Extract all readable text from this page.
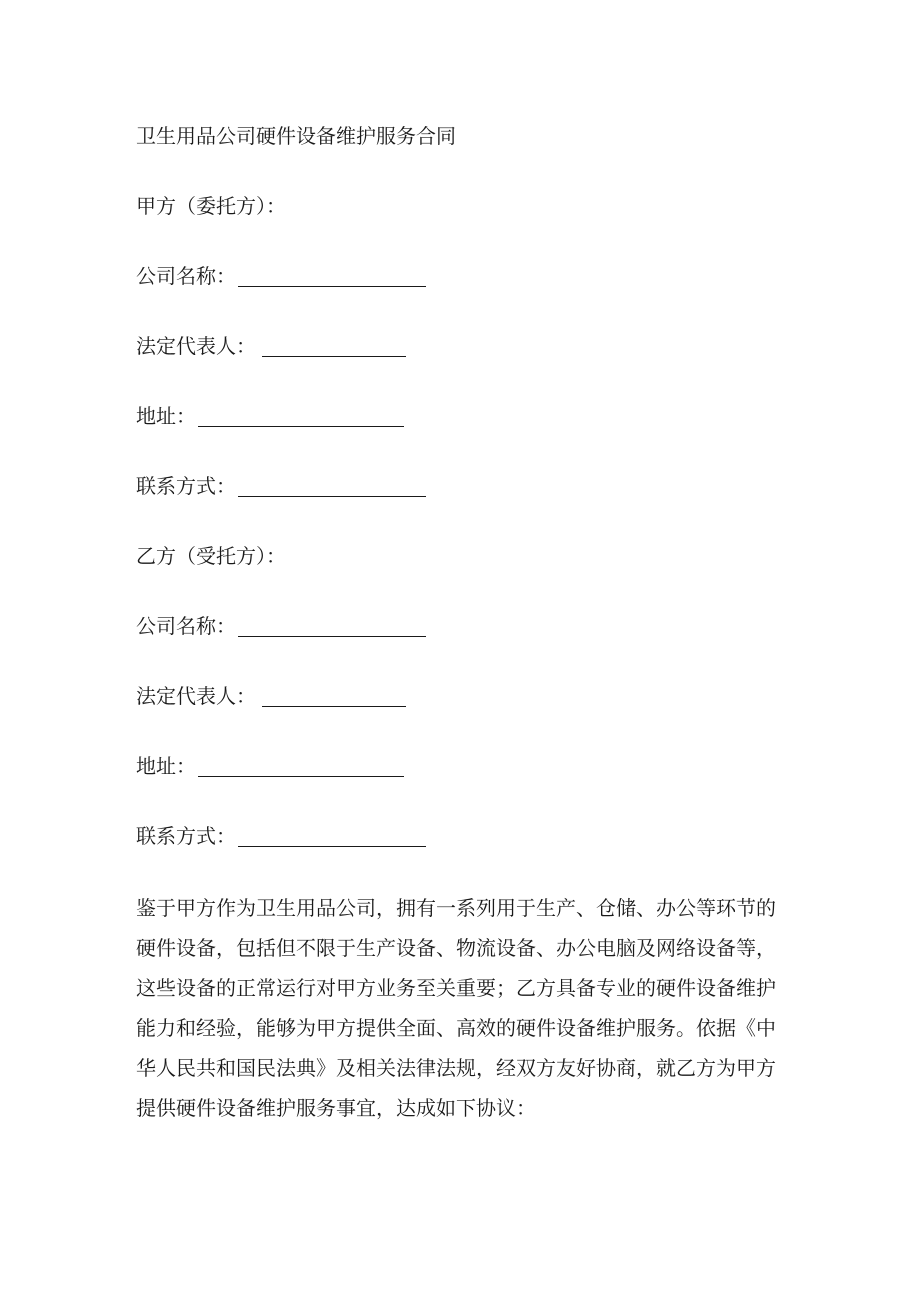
卫生用品公司硬件设备维护服务合同
甲方（委托方）：
公司名称：
法定代表人：
地址：
联系方式：
乙方（受托方）：
公司名称：
法定代表人：
地址：
联系方式：
鉴于甲方作为卫生用品公司，拥有一系列用于生产、仓储、办公等环节的
硬件设备，包括但不限于生产设备、物流设备、办公电脑及网络设备等，
这些设备的正常运行对甲方业务至关重要；乙方具备专业的硬件设备维护
能力和经验，能够为甲方提供全面、高效的硬件设备维护服务。依据《中
华人民共和国民法典》及相关法律法规，经双方友好协商，就乙方为甲方
提供硬件设备维护服务事宜，达成如下协议：
